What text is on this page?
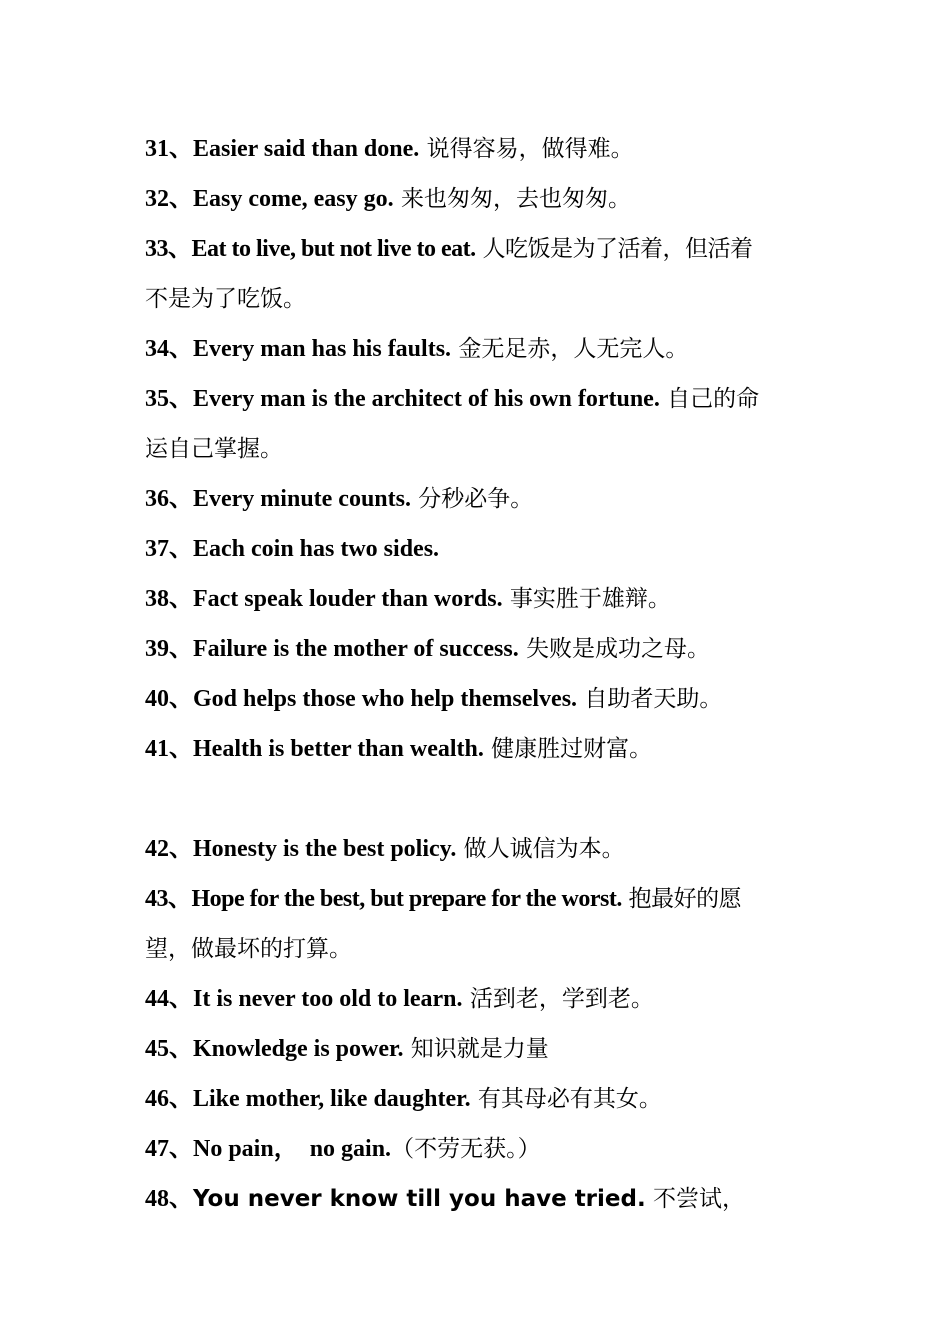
31、Easier said than done. 说得容易，做得难。
32、Easy come, easy go. 来也匆匆，去也匆匆。
33、Eat to live, but not live to eat. 人吃饭是为了活着，但活着
不是为了吃饭。
34、Every man has his faults. 金无足赤，人无完人。
35、Every man is the architect of his own fortune. 自己的命
运自己掌握。
36、Every minute counts. 分秒必争。
37、Each coin has two sides.
38、Fact speak louder than words. 事实胜于雄辩。
39、Failure is the mother of success. 失败是成功之母。
40、God helps those who help themselves. 自助者天助。
41、Health is better than wealth. 健康胜过财富。
42、Honesty is the best policy. 做人诚信为本。
43、Hope for the best, but prepare for the worst. 抱最好的愿
望，做最坏的打算。
44、It is never too old to learn. 活到老，学到老。
45、Knowledge is power. 知识就是力量
46、Like mother, like daughter. 有其母必有其女。
47、No pain，  no gain.（不劳无获。）
48、You never know till you have tried. 不尝试，
